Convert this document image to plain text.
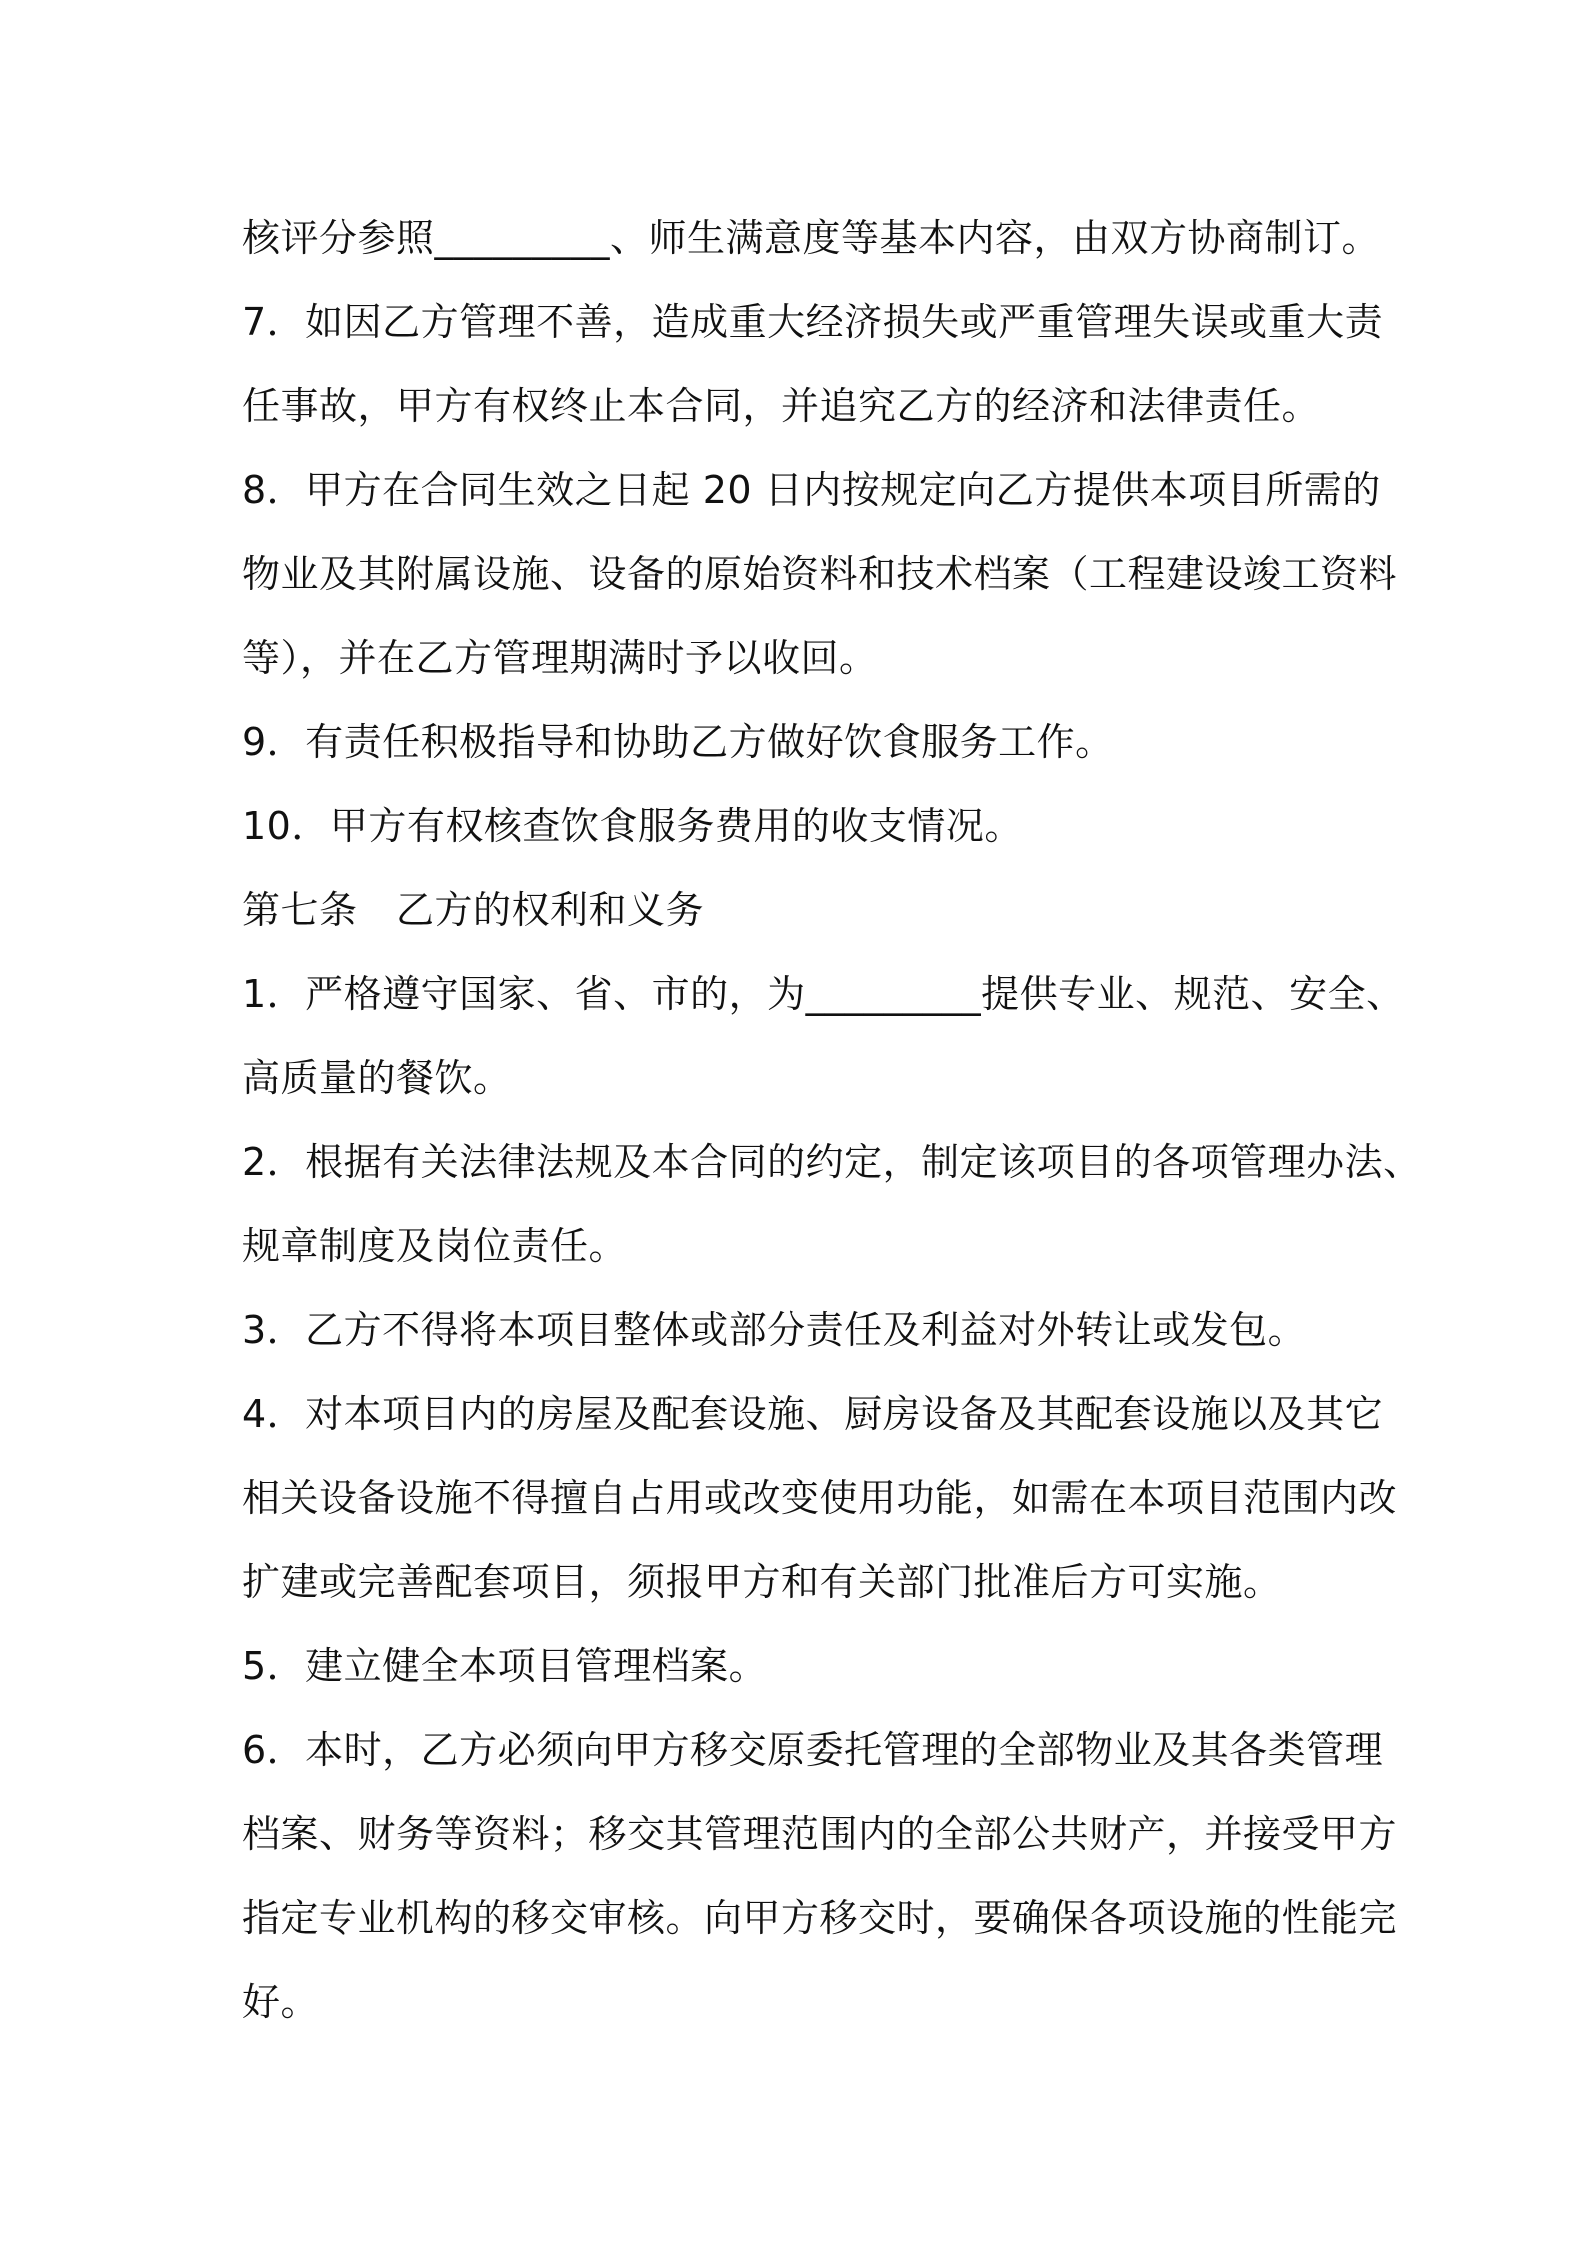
核评分参照_________、师生满意度等基本内容，由双方协商制订。
7．如因乙方管理不善，造成重大经济损失或严重管理失误或重大责
任事故，甲方有权终止本合同，并追究乙方的经济和法律责任。
8．甲方在合同生效之日起 20 日内按规定向乙方提供本项目所需的
物业及其附属设施、设备的原始资料和技术档案（工程建设竣工资料
等），并在乙方管理期满时予以收回。
9．有责任积极指导和协助乙方做好饮食服务工作。
10．甲方有权核查饮食服务费用的收支情况。
第七条　乙方的权利和义务
1．严格遵守国家、省、市的，为_________提供专业、规范、安全、
高质量的餐饮。
2．根据有关法律法规及本合同的约定，制定该项目的各项管理办法、
规章制度及岗位责任。
3．乙方不得将本项目整体或部分责任及利益对外转让或发包。
4．对本项目内的房屋及配套设施、厨房设备及其配套设施以及其它
相关设备设施不得擅自占用或改变使用功能，如需在本项目范围内改
扩建或完善配套项目，须报甲方和有关部门批准后方可实施。
5．建立健全本项目管理档案。
6．本时，乙方必须向甲方移交原委托管理的全部物业及其各类管理
档案、财务等资料；移交其管理范围内的全部公共财产，并接受甲方
指定专业机构的移交审核。向甲方移交时，要确保各项设施的性能完
好。
